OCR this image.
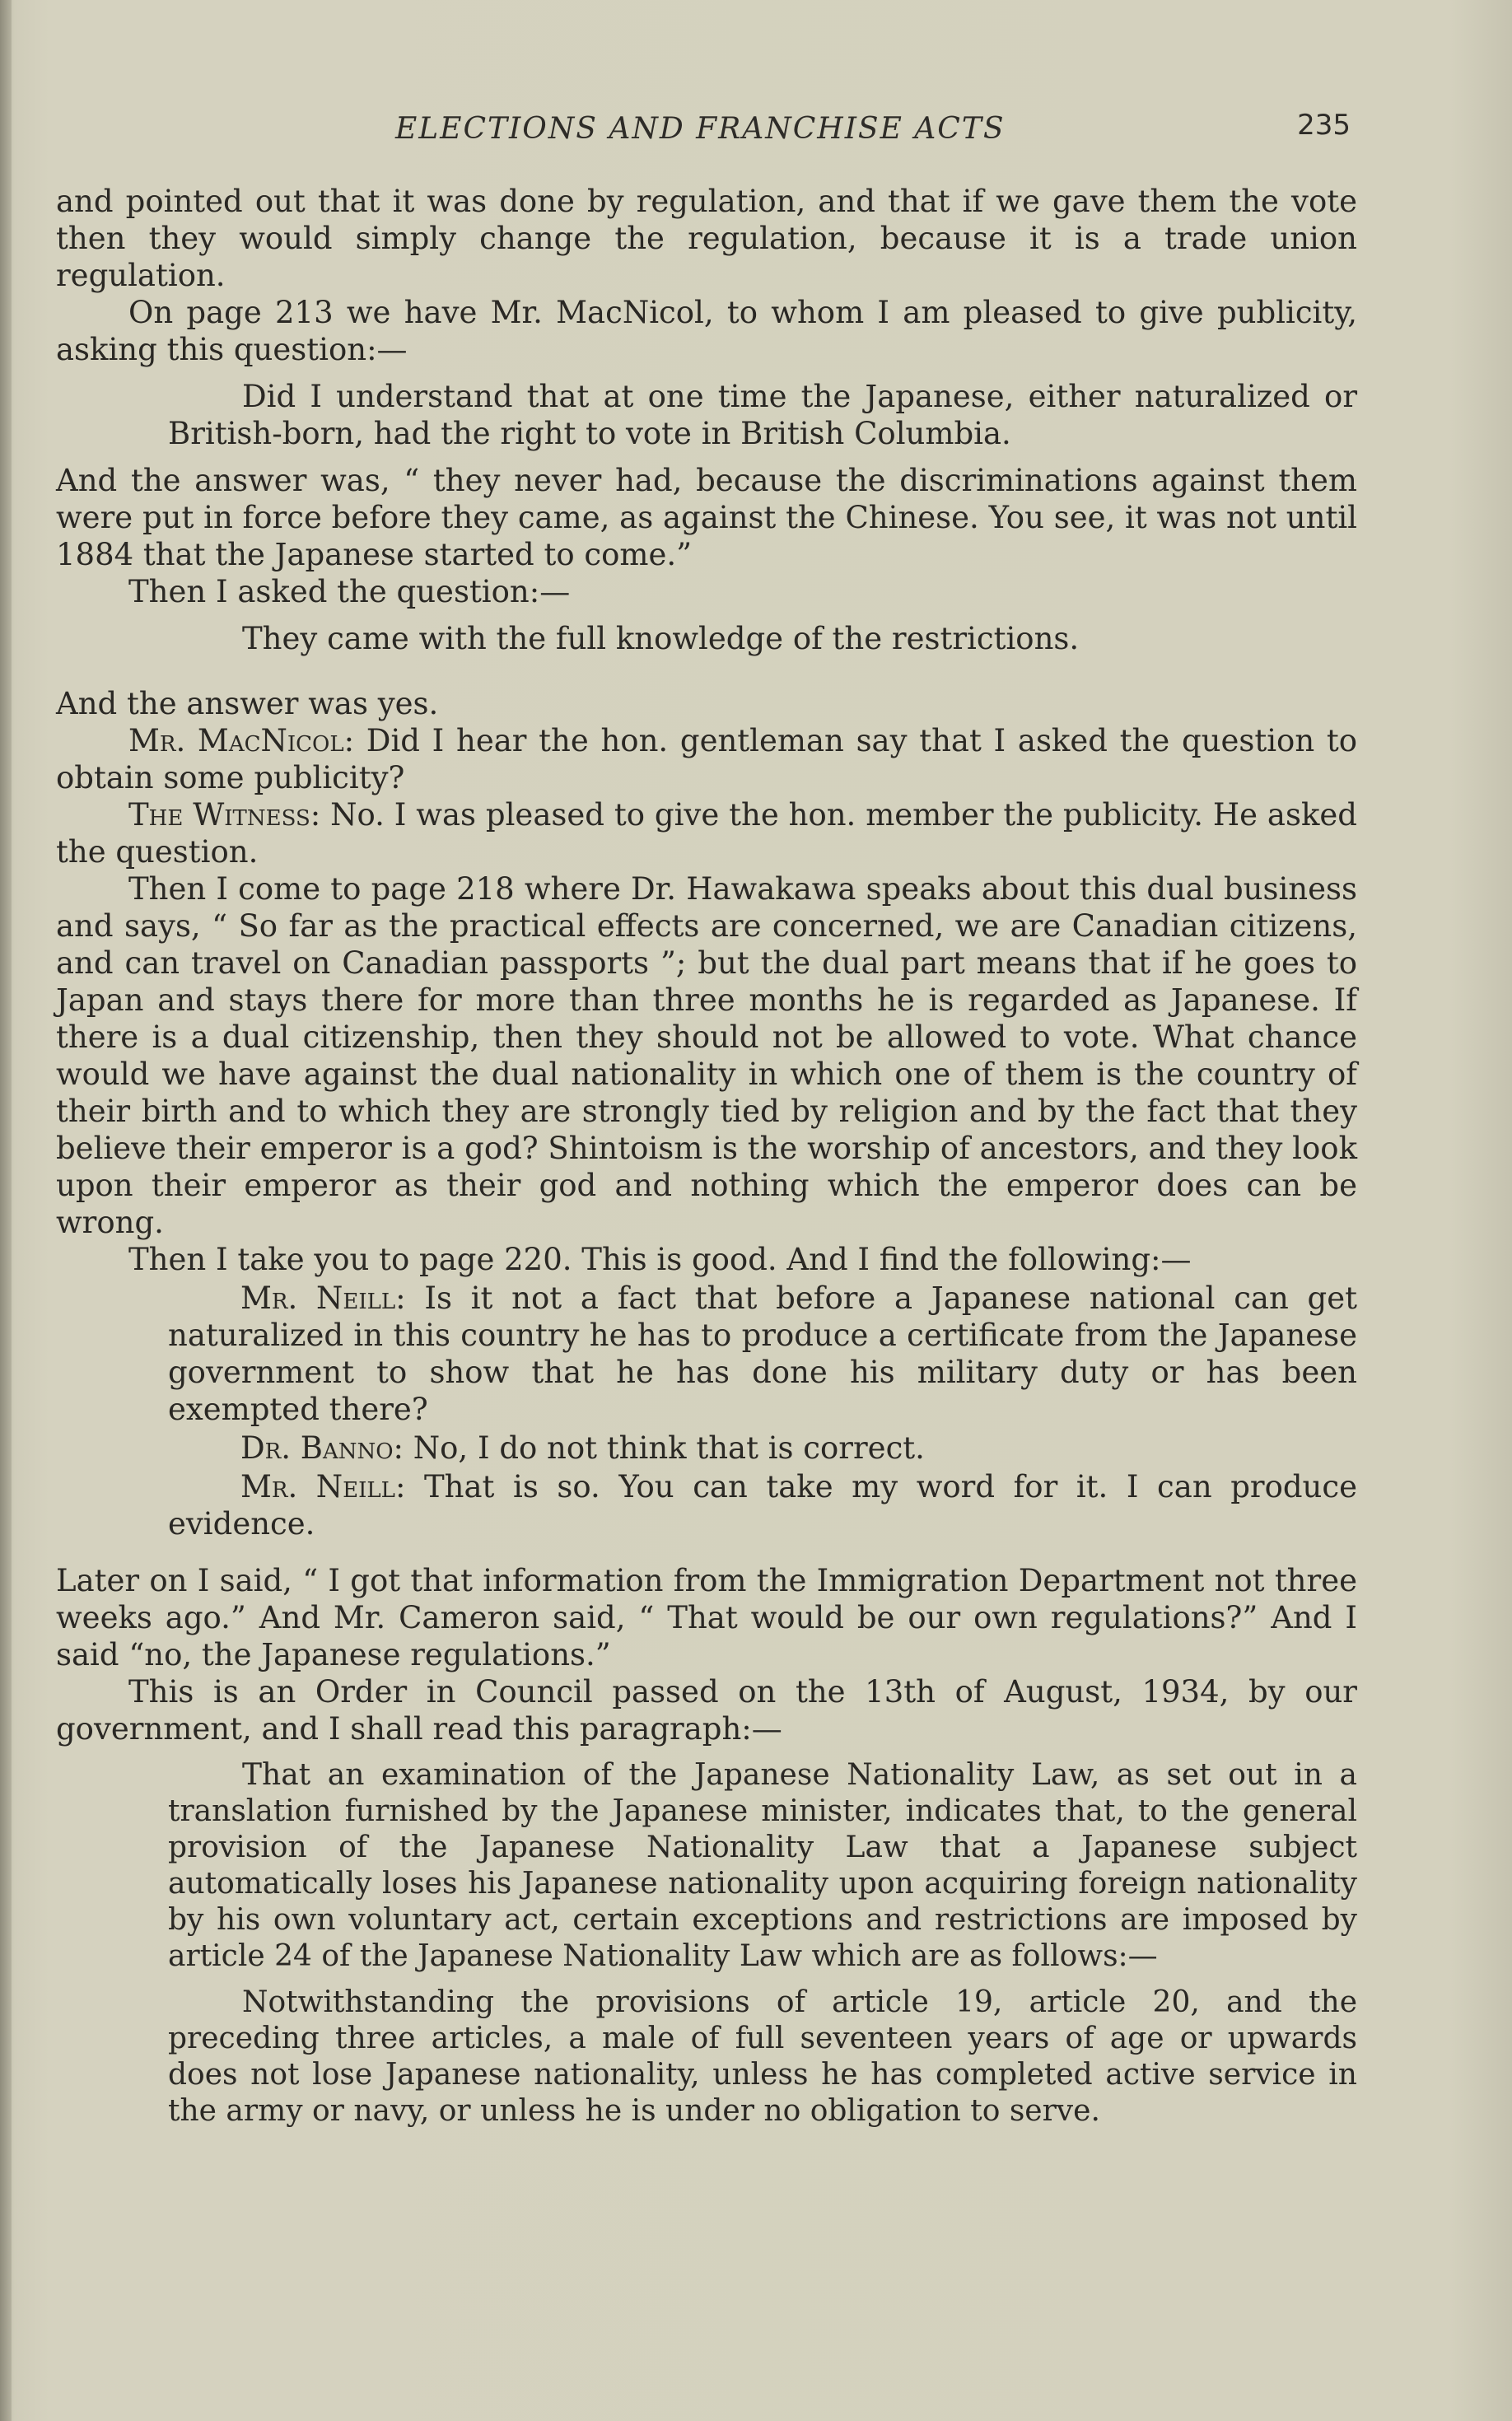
ELECTIONS AND FRANCHISE ACTS	235

and pointed out that it was done by regulation, and that if we gave them the vote then they would simply change the regulation, because it is a trade union regulation.

On page 213 we have Mr. MacNicol, to whom I am pleased to give publicity, asking this question:—

Did I understand that at one time the Japanese, either naturalized or British-born, had the right to vote in British Columbia.

And the answer was, “ they never had, because the discriminations against them were put in force before they came, as against the Chinese. You see, it was not until 1884 that the Japanese started to come.”

Then I asked the question:—

They came with the full knowledge of the restrictions.

And the answer was yes.

Mr. MacNicol: Did I hear the hon. gentleman say that I asked the question to obtain some publicity?

The Witness: No. I was pleased to give the hon. member the publicity. He asked the question.

Then I come to page 218 where Dr. Hawakawa speaks about this dual business and says, “ So far as the practical effects are concerned, we are Canadian citizens, and can travel on Canadian passports ”; but the dual part means that if he goes to Japan and stays there for more than three months he is regarded as Japanese. If there is a dual citizenship, then they should not be allowed to vote. What chance would we have against the dual nationality in which one of them is the country of their birth and to which they are strongly tied by religion and by the fact that they believe their emperor is a god? Shintoism is the worship of ancestors, and they look upon their emperor as their god and nothing which the emperor does can be wrong.

Then I take you to page 220. This is good. And I find the following:—

Mr. Neill: Is it not a fact that before a Japanese national can get naturalized in this country he has to produce a certificate from the Japanese government to show that he has done his military duty or has been exempted there?

Dr. Banno: No, I do not think that is correct.

Mr. Neill: That is so. You can take my word for it. I can produce evidence.

Later on I said, “ I got that information from the Immigration Department not three weeks ago.” And Mr. Cameron said, “ That would be our own regulations?” And I said “no, the Japanese regulations.”

This is an Order in Council passed on the 13th of August, 1934, by our government, and I shall read this paragraph:—

That an examination of the Japanese Nationality Law, as set out in a translation furnished by the Japanese minister, indicates that, to the general provision of the Japanese Nationality Law that a Japanese subject automatically loses his Japanese nationality upon acquiring foreign nationality by his own voluntary act, certain exceptions and restrictions are imposed by article 24 of the Japanese Nationality Law which are as follows:—

Notwithstanding the provisions of article 19, article 20, and the preceding three articles, a male of full seventeen years of age or upwards does not lose Japanese nationality, unless he has completed active service in the army or navy, or unless he is under no obligation to serve.
